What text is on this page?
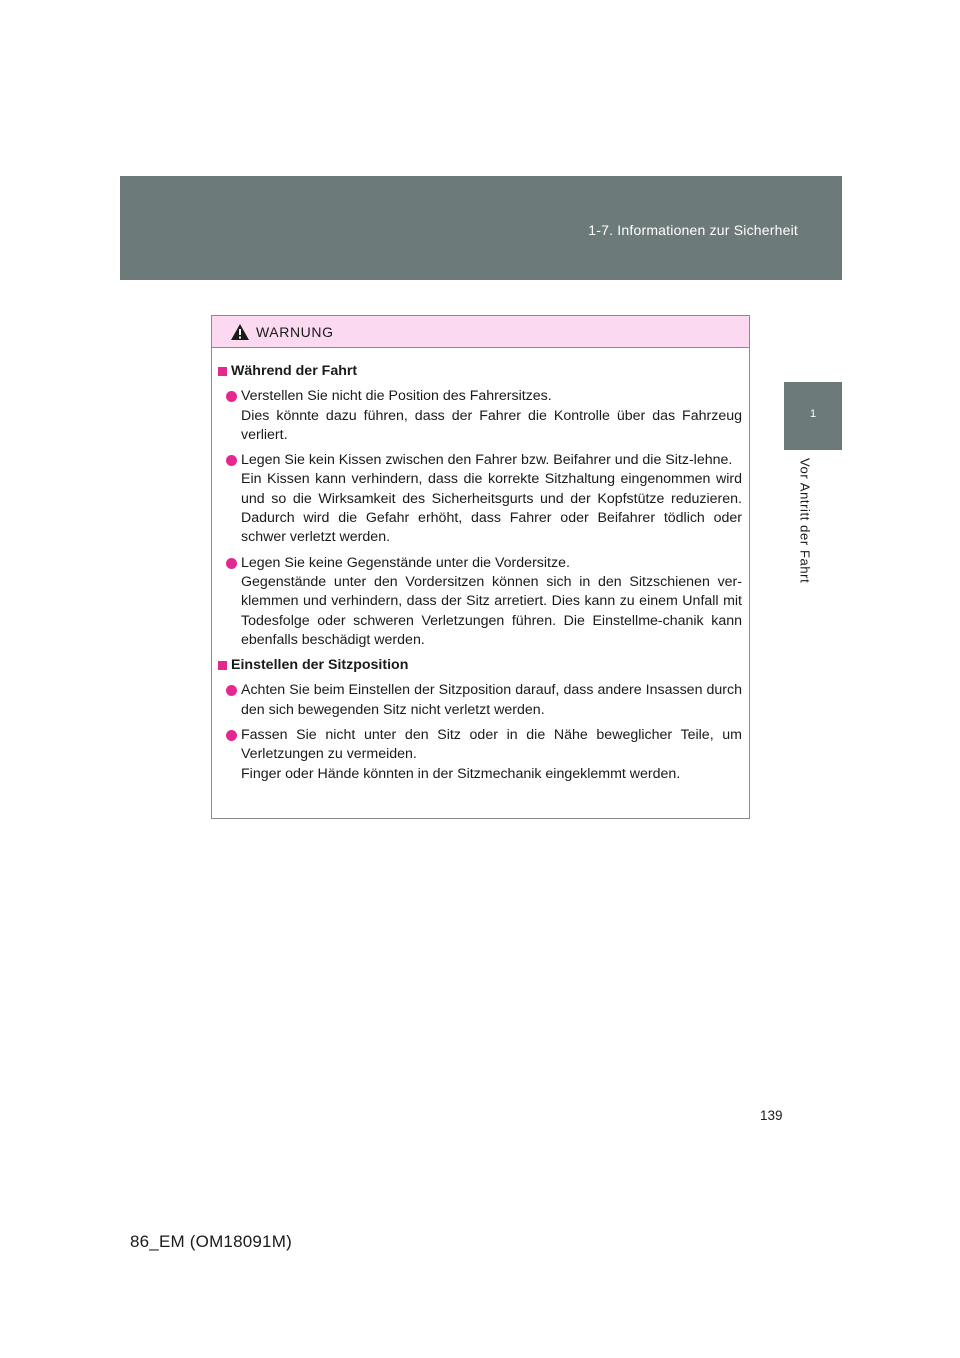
1-7. Informationen zur Sicherheit
1
Vor Antritt der Fahrt
WARNUNG
Während der Fahrt

Verstellen Sie nicht die Position des Fahrersitzes.

Dies könnte dazu führen, dass der Fahrer die Kontrolle über das Fahrzeug verliert.

Legen Sie kein Kissen zwischen den Fahrer bzw. Beifahrer und die Sitz-lehne.

Ein Kissen kann verhindern, dass die korrekte Sitzhaltung eingenommen wird und so die Wirksamkeit des Sicherheitsgurts und der Kopfstütze reduzieren. Dadurch wird die Gefahr erhöht, dass Fahrer oder Beifahrer tödlich oder schwer verletzt werden.

Legen Sie keine Gegenstände unter die Vordersitze.

Gegenstände unter den Vordersitzen können sich in den Sitzschienen ver-klemmen und verhindern, dass der Sitz arretiert. Dies kann zu einem Unfall mit Todesfolge oder schweren Verletzungen führen. Die Einstellme-chanik kann ebenfalls beschädigt werden.

Einstellen der Sitzposition

Achten Sie beim Einstellen der Sitzposition darauf, dass andere Insassen durch den sich bewegenden Sitz nicht verletzt werden.

Fassen Sie nicht unter den Sitz oder in die Nähe beweglicher Teile, um Verletzungen zu vermeiden.

Finger oder Hände könnten in der Sitzmechanik eingeklemmt werden.

139
86_EM (OM18091M)
